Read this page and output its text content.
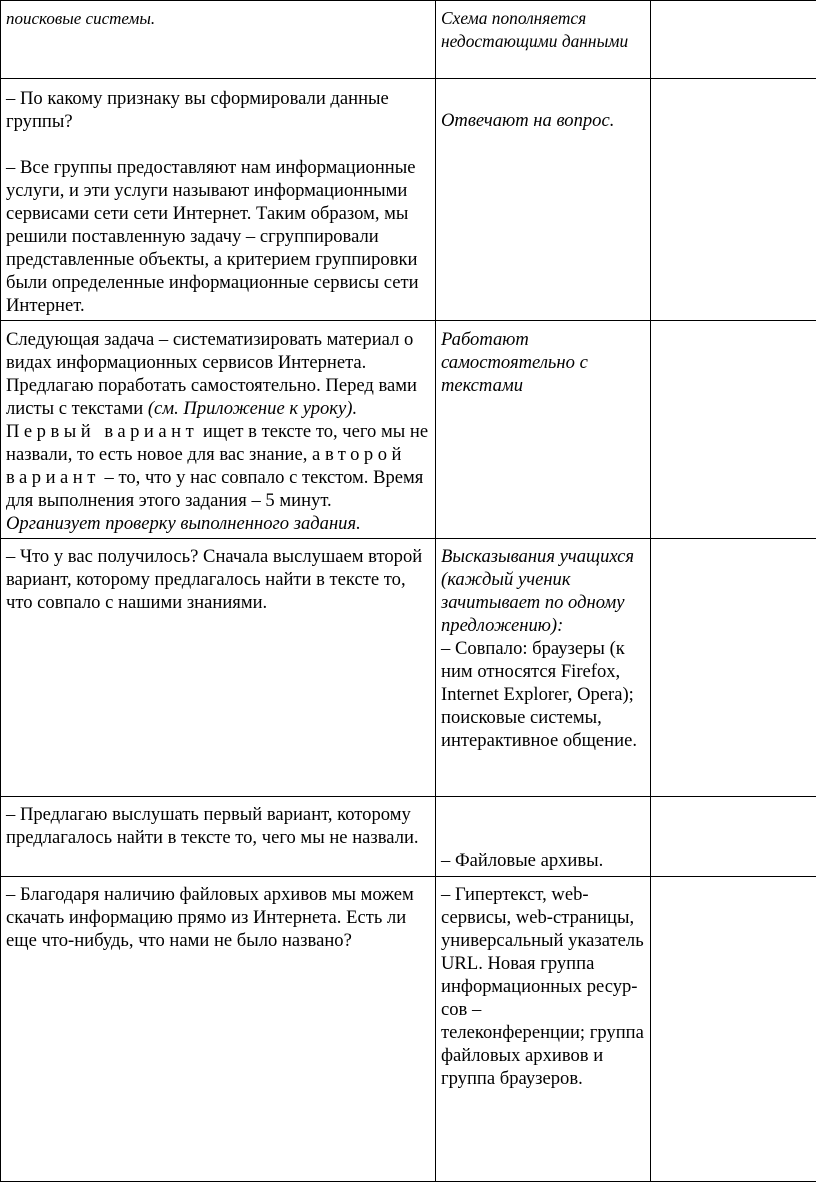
поисковые системы.	Схема пополняется недостающими данными	

– По какому признаку вы сформировали данные группы?
– Все группы предоставляют нам информационные услуги, и эти услуги называют информационными сервисами сети сети Интернет. Таким образом, мы решили поставленную задачу – сгруппировали представленные объекты, а критерием группировки были определенные информационные сервисы сети Интернет.	Отвечают на вопрос.	

Следующая задача – систематизировать материал о видах информационных сервисов Интернета. Предлагаю поработать самостоятельно. Перед вами листы с текстами (см. Приложение к уроку). Первый вариант ищет в тексте то, чего мы не назвали, то есть новое для вас знание, а второй вариант – то, что у нас совпало с текстом. Время для выполнения этого задания – 5 минут.
Организует проверку выполненного задания.	Работают самостоятельно с текстами	

– Что у вас получилось? Сначала выслушаем второй вариант, которому предлагалось найти в тексте то, что совпало с нашими знаниями.	Высказывания учащихся (каждый ученик зачитывает по одному предложению):
– Совпало: браузеры (к ним относятся Firefox, Internet Explorer, Opera); поисковые системы, интерактивное общение.	

– Предлагаю выслушать первый вариант, которому предлагалось найти в тексте то, чего мы не назвали.	– Файловые архивы.	

– Благодаря наличию файловых архивов мы можем скачать информацию прямо из Интернета. Есть ли еще что-нибудь, что нами не было названо?	– Гипертекст, web-сервисы, web-страницы, универсальный указатель URL. Новая группа информационных ресур-
сов –
телеконференции; группа файловых архивов и группа браузеров.	
